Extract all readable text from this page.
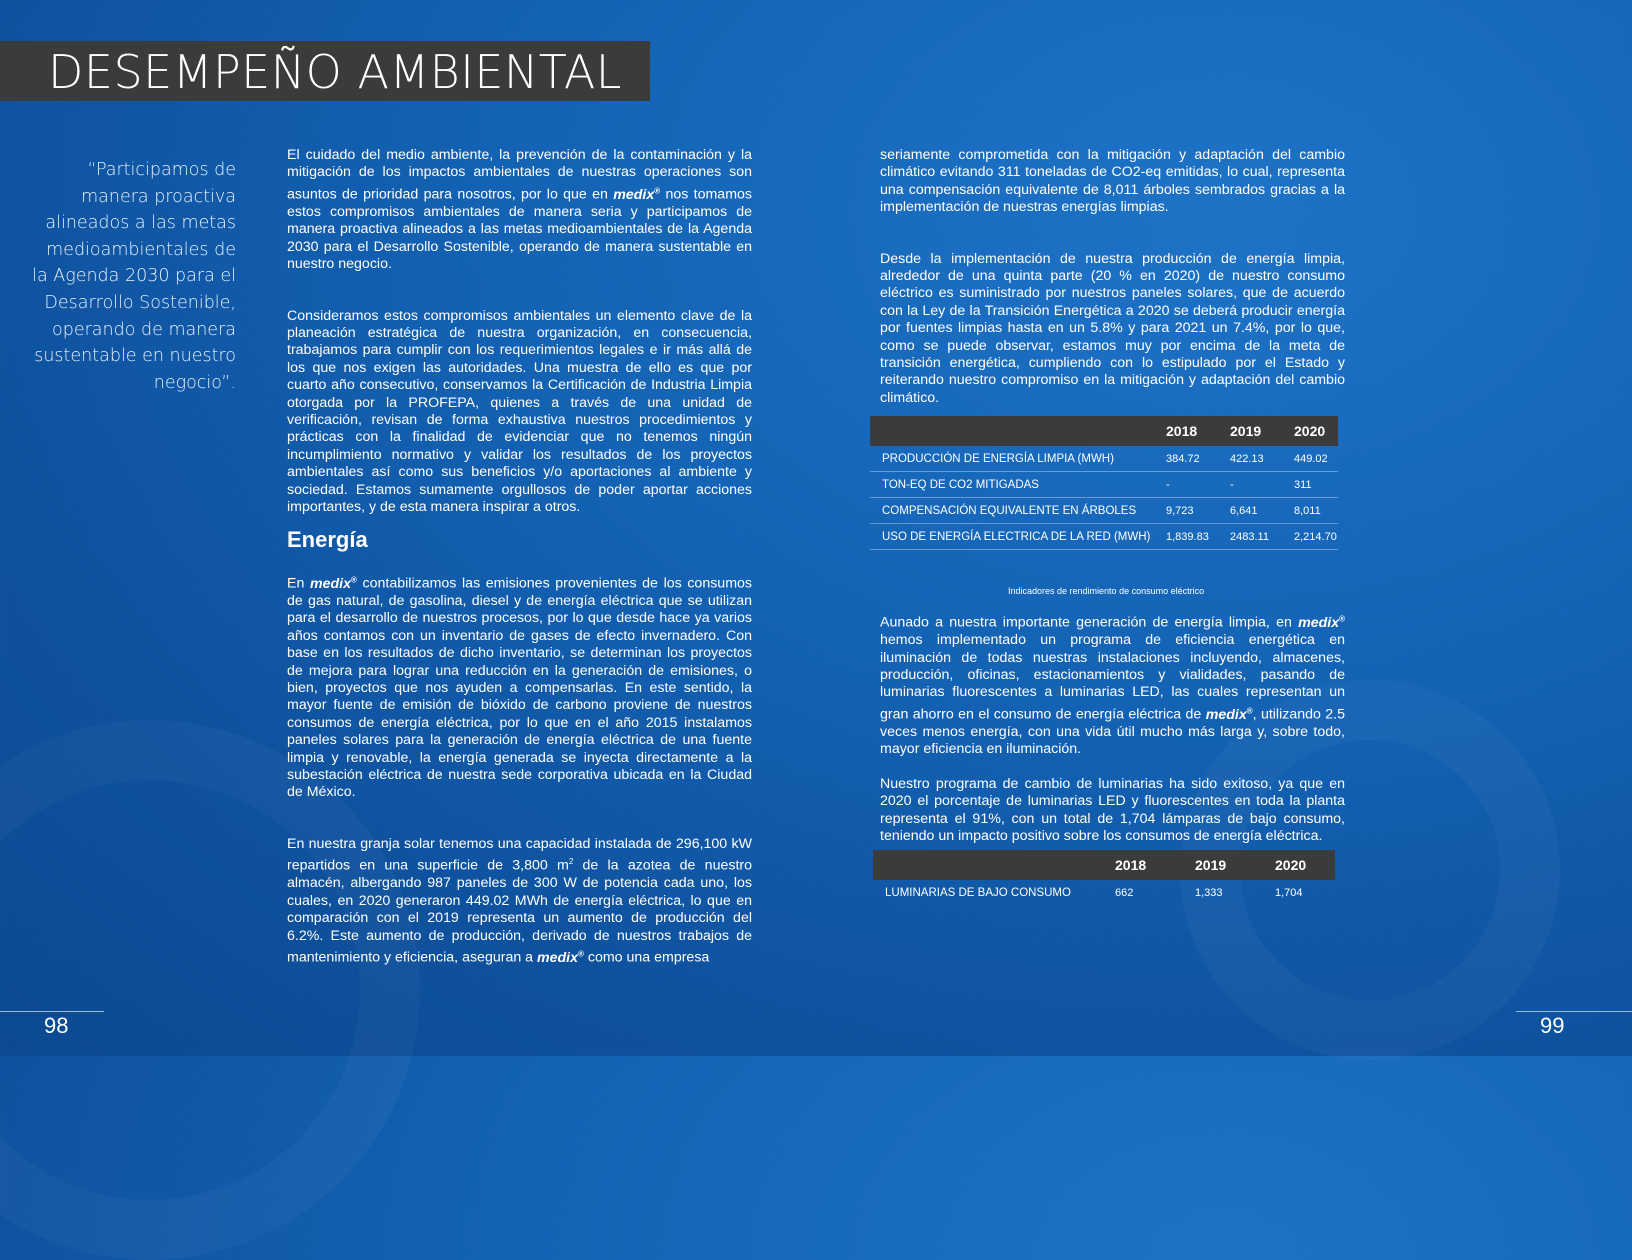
DESEMPEÑO AMBIENTAL
“Participamos de manera proactiva alineados a las metas medioambientales de la Agenda 2030 para el Desarrollo Sostenible, operando de manera sustentable en nuestro negocio”.

El cuidado del medio ambiente, la prevención de la contaminación y la mitigación de los impactos ambientales de nuestras operaciones son asuntos de prioridad para nosotros, por lo que en medix® nos tomamos estos compromisos ambientales de manera seria y participamos de manera proactiva alineados a las metas medioambientales de la Agenda 2030 para el Desarrollo Sostenible, operando de manera sustentable en nuestro negocio.

Consideramos estos compromisos ambientales un elemento clave de la planeación estratégica de nuestra organización, en consecuencia, trabajamos para cumplir con los requerimientos legales e ir más allá de los que nos exigen las autoridades. Una muestra de ello es que por cuarto año consecutivo, conservamos la Certificación de Industria Limpia otorgada por la PROFEPA, quienes a través de una unidad de verificación, revisan de forma exhaustiva nuestros procedimientos y prácticas con la finalidad de evidenciar que no tenemos ningún incumplimiento normativo y validar los resultados de los proyectos ambientales así como sus beneficios y/o aportaciones al ambiente y sociedad. Estamos sumamente orgullosos de poder aportar acciones importantes, y de esta manera inspirar a otros.

Energía

En medix® contabilizamos las emisiones provenientes de los consumos de gas natural, de gasolina, diesel y de energía eléctrica que se utilizan para el desarrollo de nuestros procesos, por lo que desde hace ya varios años contamos con un inventario de gases de efecto invernadero. Con base en los resultados de dicho inventario, se determinan los proyectos de mejora para lograr una reducción en la generación de emisiones, o bien, proyectos que nos ayuden a compensarlas. En este sentido, la mayor fuente de emisión de bióxido de carbono proviene de nuestros consumos de energía eléctrica, por lo que en el año 2015 instalamos paneles solares para la generación de energía eléctrica de una fuente limpia y renovable, la energía generada se inyecta directamente a la subestación eléctrica de nuestra sede corporativa ubicada en la Ciudad de México.

En nuestra granja solar tenemos una capacidad instalada de 296,100 kW repartidos en una superficie de 3,800 $m^2$ de la azotea de nuestro almacén, albergando 987 paneles de 300 W de potencia cada uno, los cuales, en 2020 generaron 449.02 MWh de energía eléctrica, lo que en comparación con el 2019 representa un aumento de producción del 6.2%. Este aumento de producción, derivado de nuestros trabajos de mantenimiento y eficiencia, aseguran a medix® como una empresa

seriamente comprometida con la mitigación y adaptación del cambio climático evitando 311 toneladas de CO2-eq emitidas, lo cual, representa una compensación equivalente de 8,011 árboles sembrados gracias a la implementación de nuestras energías limpias.

Desde la implementación de nuestra producción de energía limpia, alrededor de una quinta parte (20 % en 2020) de nuestro consumo eléctrico es suministrado por nuestros paneles solares, que de acuerdo con la Ley de la Transición Energética a 2020 se deberá producir energía por fuentes limpias hasta en un 5.8% y para 2021 un 7.4%, por lo que, como se puede observar, estamos muy por encima de la meta de transición energética, cumpliendo con lo estipulado por el Estado y reiterando nuestro compromiso en la mitigación y adaptación del cambio climático.

	2018	2019	2020
PRODUCCIÓN DE ENERGÍA LIMPIA (MWH)	384.72	422.13	449.02
TON-EQ DE CO2 MITIGADAS	-	-	311
COMPENSACIÓN EQUIVALENTE EN ÁRBOLES	9,723	6,641	8,011
USO DE ENERGÍA ELECTRICA DE LA RED (MWH)	1,839.83	2483.11	2,214.70
Indicadores de rendimiento de consumo eléctrico

Aunado a nuestra importante generación de energía limpia, en medix® hemos implementado un programa de eficiencia energética en iluminación de todas nuestras instalaciones incluyendo, almacenes, producción, oficinas, estacionamientos y vialidades, pasando de luminarias fluorescentes a luminarias LED, las cuales representan un gran ahorro en el consumo de energía eléctrica de medix®, utilizando 2.5 veces menos energía, con una vida útil mucho más larga y, sobre todo, mayor eficiencia en iluminación.

Nuestro programa de cambio de luminarias ha sido exitoso, ya que en 2020 el porcentaje de luminarias LED y fluorescentes en toda la planta representa el 91%, con un total de 1,704 lámparas de bajo consumo, teniendo un impacto positivo sobre los consumos de energía eléctrica.

	2018	2019	2020
LUMINARIAS DE BAJO CONSUMO	662	1,333	1,704
98	99
